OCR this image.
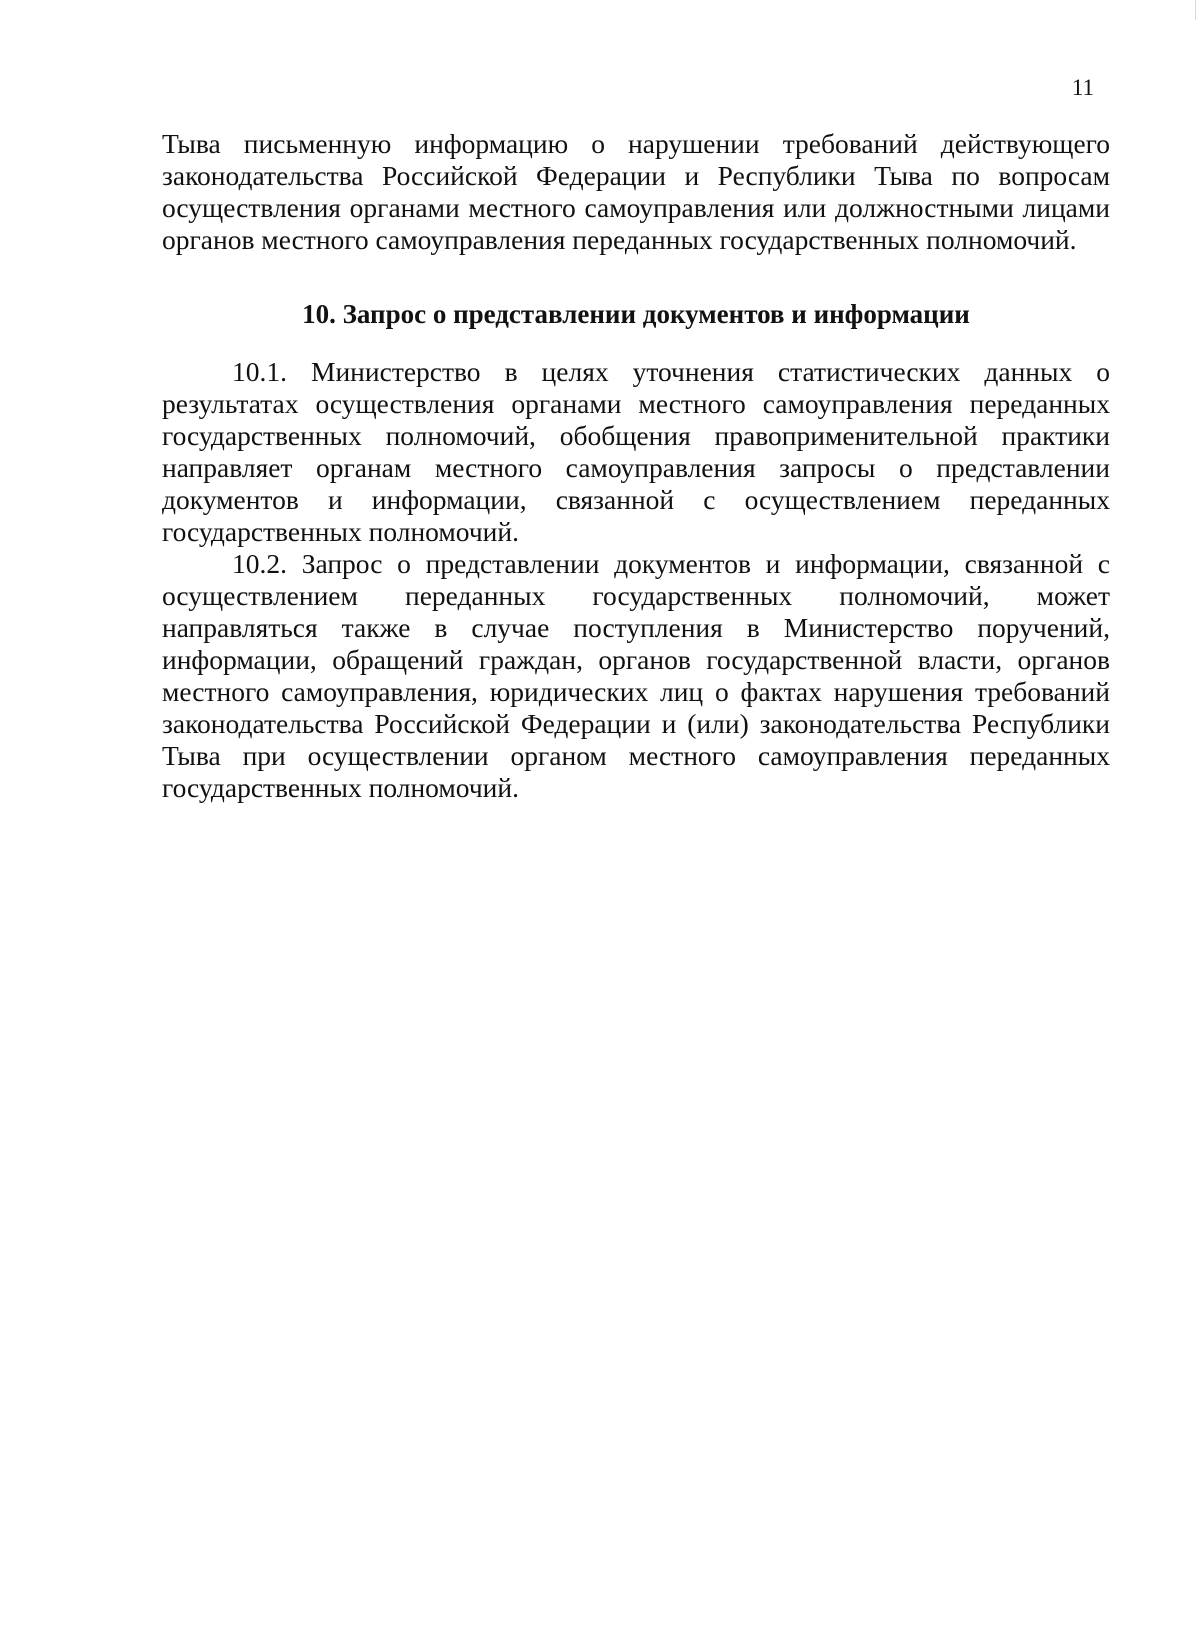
11

Тыва письменную информацию о нарушении требований действующего законодательства Российской Федерации и Республики Тыва по вопросам осуществления органами местного самоуправления или должностными лицами органов местного самоуправления переданных государственных полномочий.

10. Запрос о представлении документов и информации

10.1. Министерство в целях уточнения статистических данных о результатах осуществления органами местного самоуправления переданных государственных полномочий, обобщения правоприменительной практики направляет органам местного самоуправления запросы о представлении документов и информации, связанной с осуществлением переданных государственных полномочий.

10.2. Запрос о представлении документов и информации, связанной с осуществлением переданных государственных полномочий, может направляться также в случае поступления в Министерство поручений, информации, обращений граждан, органов государственной власти, органов местного самоуправления, юридических лиц о фактах нарушения требований законодательства Российской Федерации и (или) законодательства Республики Тыва при осуществлении органом местного самоуправления переданных государственных полномочий.
